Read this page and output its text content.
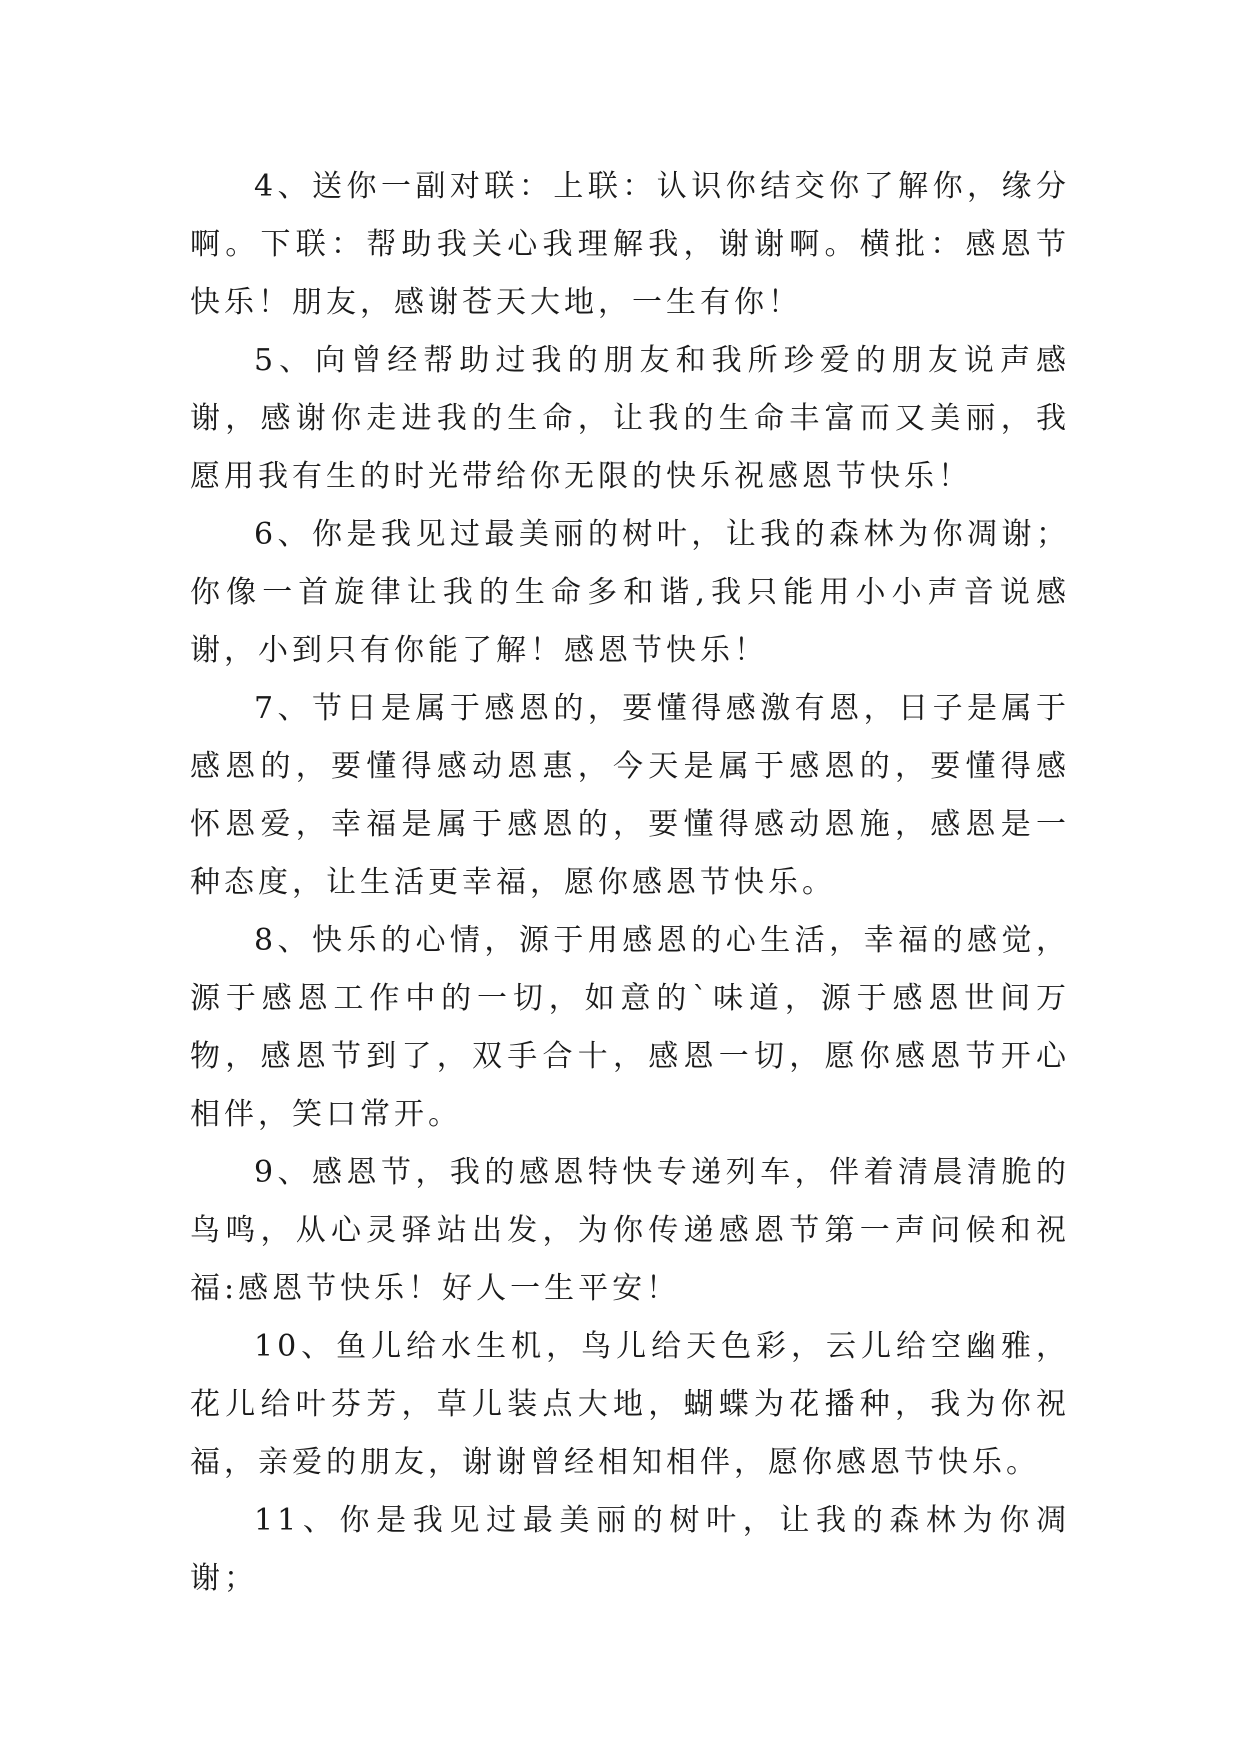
4、送你一副对联：上联：认识你结交你了解你，缘分啊。下联：帮助我关心我理解我，谢谢啊。横批：感恩节快乐！朋友，感谢苍天大地，一生有你！

5、向曾经帮助过我的朋友和我所珍爱的朋友说声感谢，感谢你走进我的生命，让我的生命丰富而又美丽，我愿用我有生的时光带给你无限的快乐祝感恩节快乐！

6、你是我见过最美丽的树叶，让我的森林为你凋谢；你像一首旋律让我的生命多和谐,我只能用小小声音说感谢，小到只有你能了解！感恩节快乐！

7、节日是属于感恩的，要懂得感激有恩，日子是属于感恩的，要懂得感动恩惠，今天是属于感恩的，要懂得感怀恩爱，幸福是属于感恩的，要懂得感动恩施，感恩是一种态度，让生活更幸福，愿你感恩节快乐。

8、快乐的心情，源于用感恩的心生活，幸福的感觉，源于感恩工作中的一切，如意的`味道，源于感恩世间万物，感恩节到了，双手合十，感恩一切，愿你感恩节开心相伴，笑口常开。

9、感恩节，我的感恩特快专递列车，伴着清晨清脆的鸟鸣，从心灵驿站出发，为你传递感恩节第一声问候和祝福:感恩节快乐！好人一生平安！

10、鱼儿给水生机，鸟儿给天色彩，云儿给空幽雅，花儿给叶芬芳，草儿装点大地，蝴蝶为花播种，我为你祝福，亲爱的朋友，谢谢曾经相知相伴，愿你感恩节快乐。

11、你是我见过最美丽的树叶，让我的森林为你凋谢；
